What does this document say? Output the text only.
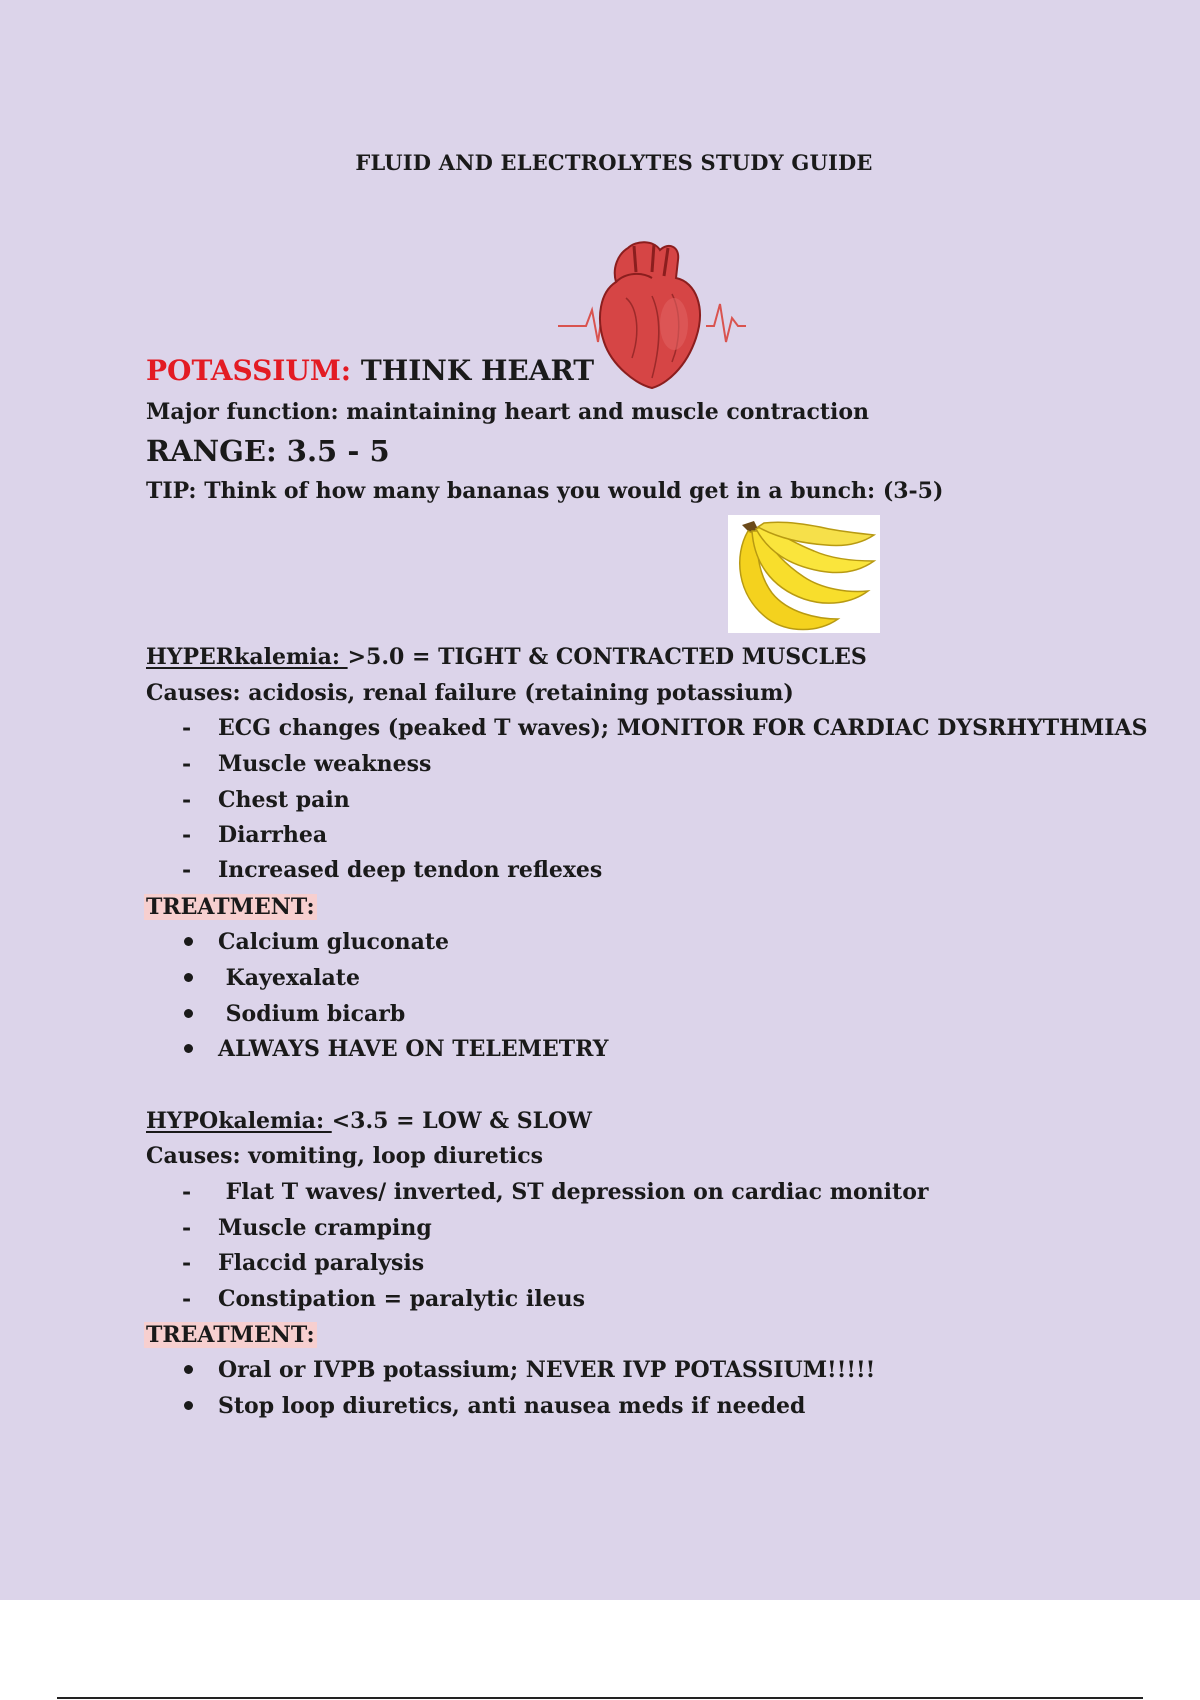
FLUID AND ELECTROLYTES STUDY GUIDE
POTASSIUM: THINK HEART
Major function: maintaining heart and muscle contraction
RANGE: 3.5 - 5
TIP: Think of how many bananas you would get in a bunch: (3-5)
HYPERkalemia: >5.0 = TIGHT & CONTRACTED MUSCLES
Causes: acidosis, renal failure (retaining potassium)
- ECG changes (peaked T waves); MONITOR FOR CARDIAC DYSRHYTHMIAS
- Muscle weakness
- Chest pain
- Diarrhea
- Increased deep tendon reflexes
TREATMENT:
Calcium gluconate
Kayexalate
Sodium bicarb
ALWAYS HAVE ON TELEMETRY
HYPOkalemia: <3.5 = LOW & SLOW
Causes: vomiting, loop diuretics
- Flat T waves/ inverted, ST depression on cardiac monitor
- Muscle cramping
- Flaccid paralysis
- Constipation = paralytic ileus
TREATMENT:
Oral or IVPB potassium; NEVER IVP POTASSIUM!!!!!
Stop loop diuretics, anti nausea meds if needed
